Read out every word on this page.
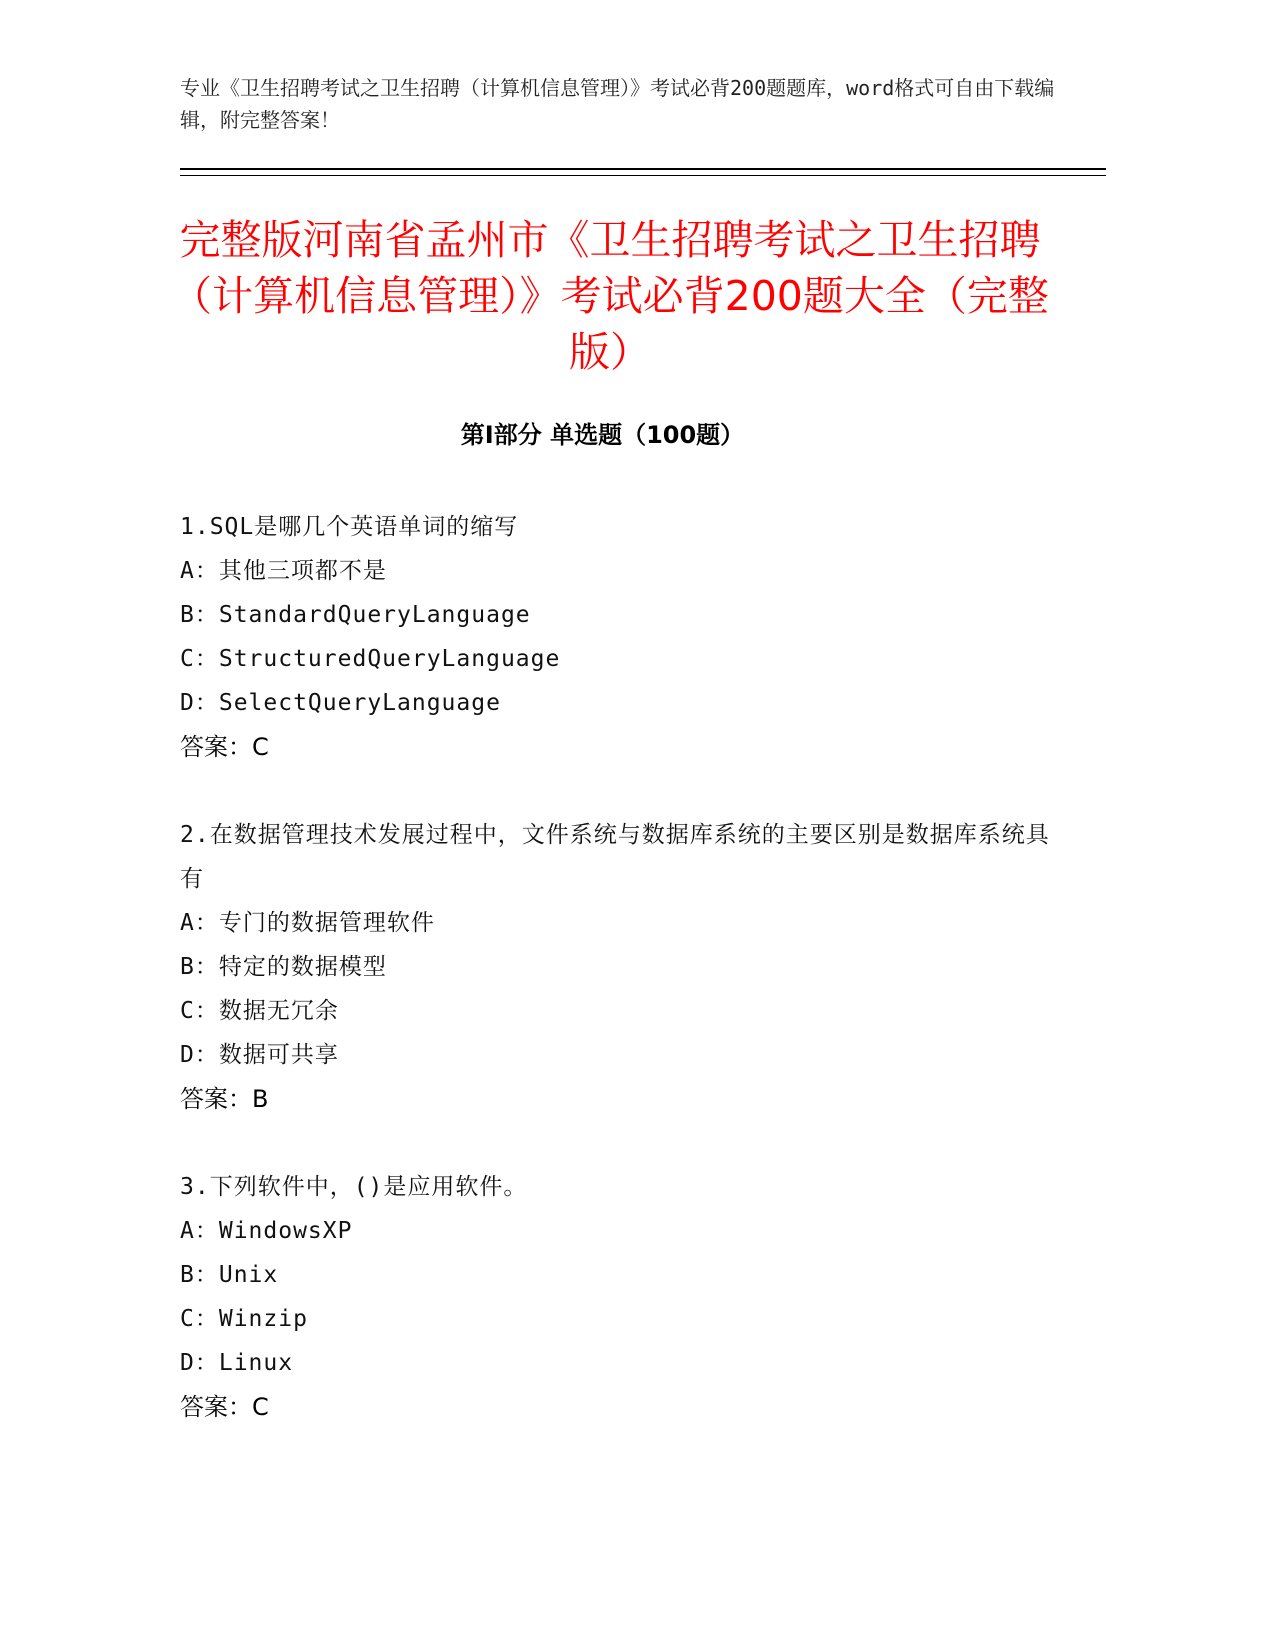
专业《卫生招聘考试之卫生招聘（计算机信息管理）》考试必背200题题库，word格式可自由下载编辑，附完整答案！
完整版河南省孟州市《卫生招聘考试之卫生招聘（计算机信息管理）》考试必背200题大全（完整版）
第Ⅰ部分 单选题（100题）

1.SQL是哪几个英语单词的缩写

A：其他三项都不是

B：StandardQueryLanguage

C：StructuredQueryLanguage

D：SelectQueryLanguage

答案：C

2.在数据管理技术发展过程中，文件系统与数据库系统的主要区别是数据库系统具有

A：专门的数据管理软件

B：特定的数据模型

C：数据无冗余

D：数据可共享

答案：B

3.下列软件中，()是应用软件。

A：WindowsXP

B：Unix

C：Winzip

D：Linux

答案：C
